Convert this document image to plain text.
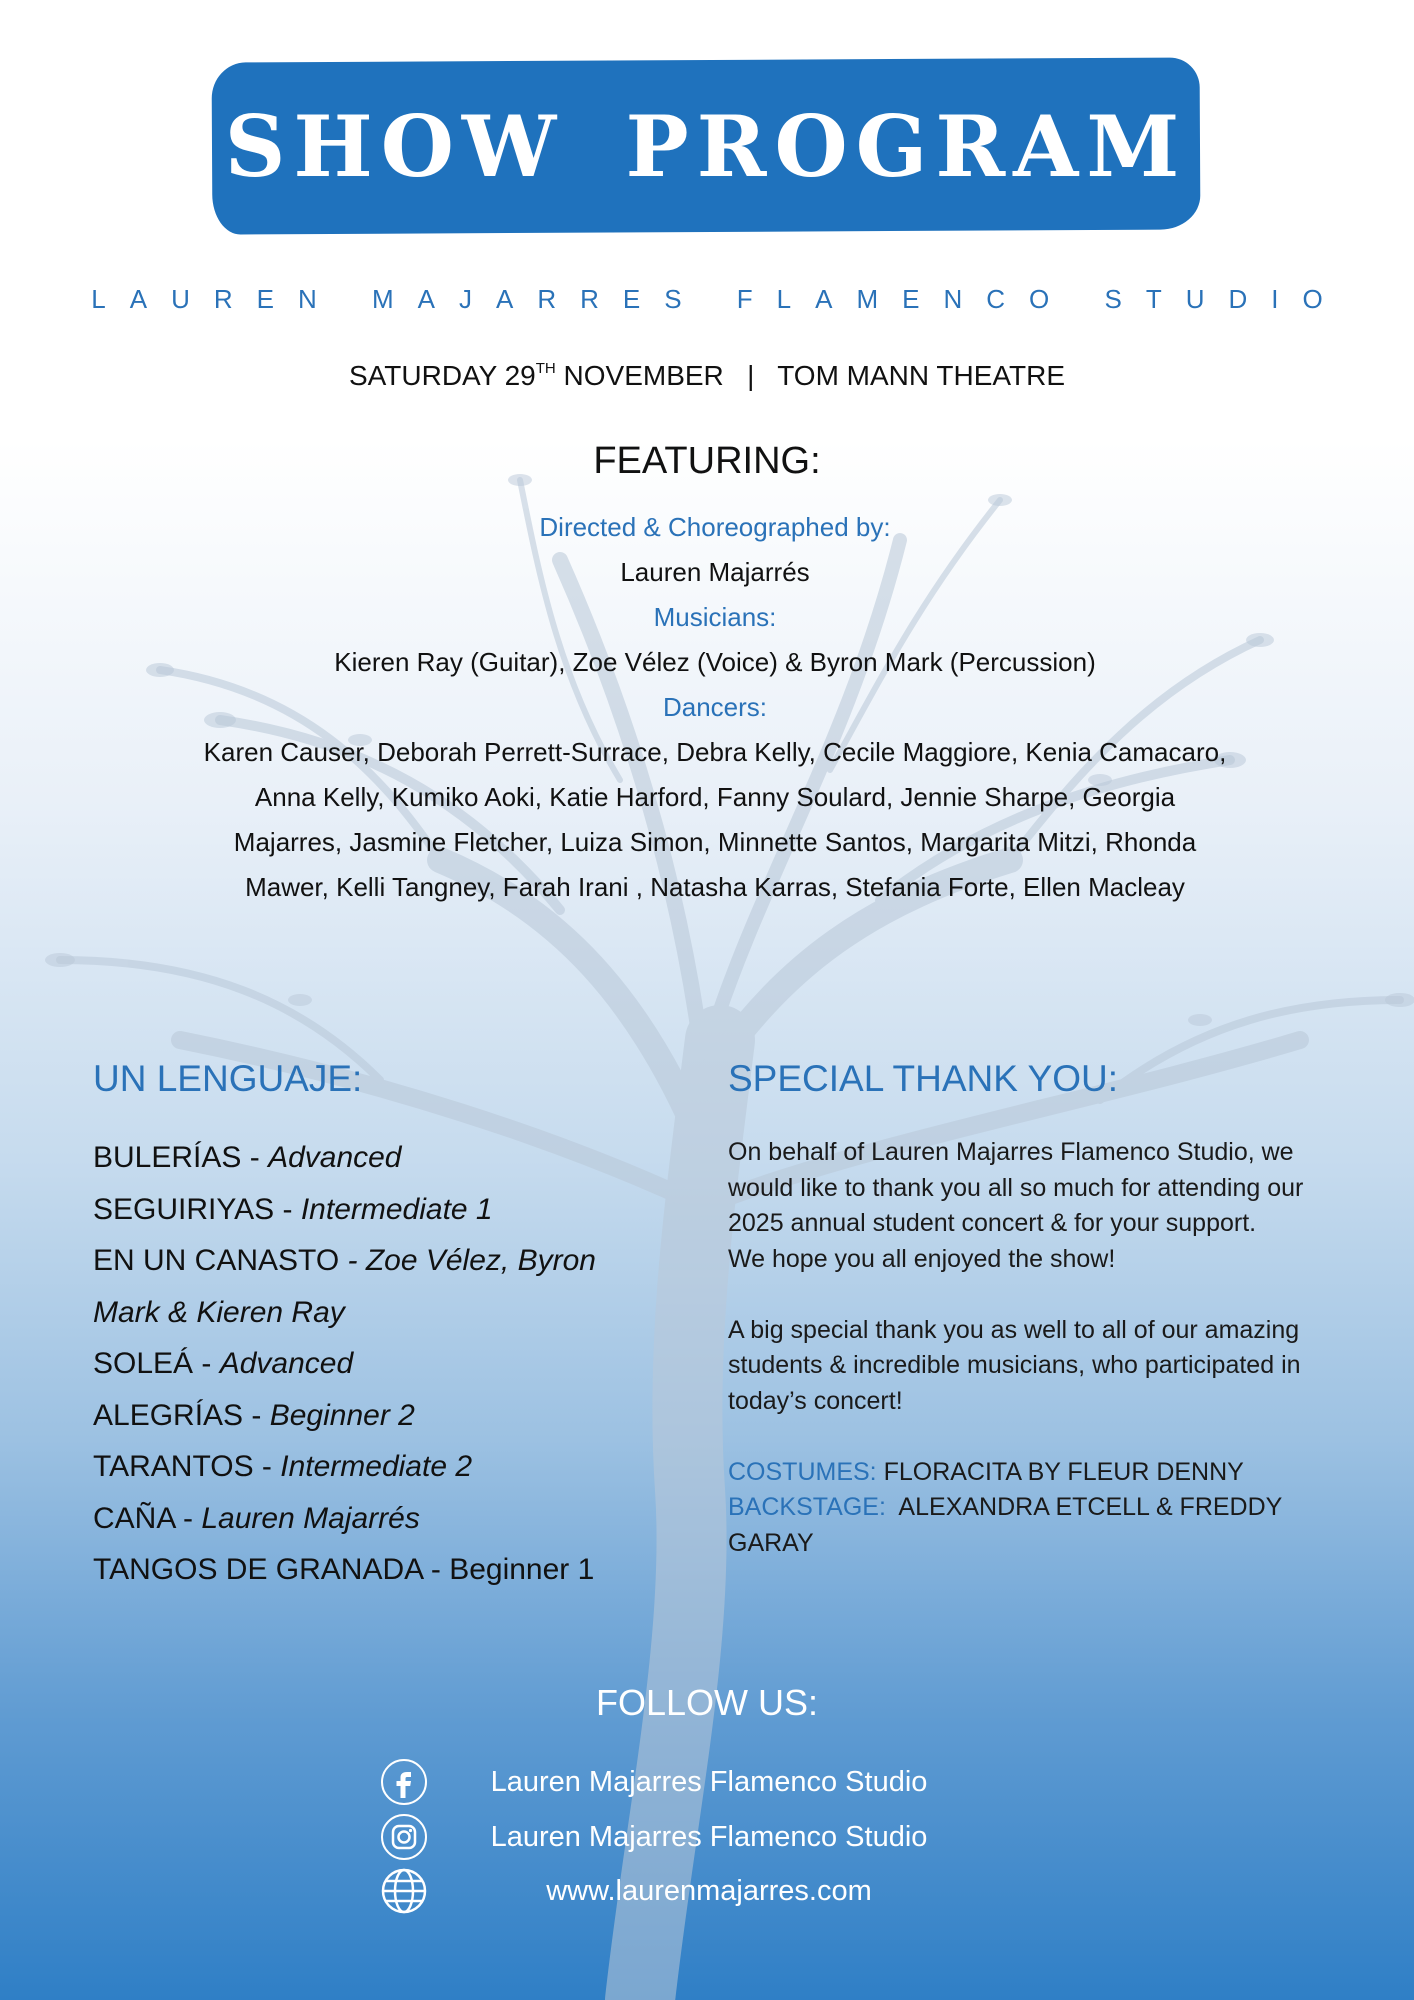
SHOW PROGRAM
LAUREN MAJARRES FLAMENCO STUDIO
SATURDAY 29TH NOVEMBER   |   TOM MANN THEATRE
FEATURING:
Directed & Choreographed by:
Lauren Majarrés
Musicians:
Kieren Ray (Guitar), Zoe Vélez (Voice) & Byron Mark (Percussion)
Dancers:
Karen Causer, Deborah Perrett-Surrace, Debra Kelly, Cecile Maggiore, Kenia Camacaro, Anna Kelly, Kumiko Aoki, Katie Harford, Fanny Soulard, Jennie Sharpe, Georgia Majarres, Jasmine Fletcher, Luiza Simon, Minnette Santos, Margarita Mitzi, Rhonda Mawer, Kelli Tangney, Farah Irani , Natasha Karras, Stefania Forte, Ellen Macleay
UN LENGUAJE:	SPECIAL THANK YOU:
BULERÍAS - Advanced
SEGUIRIYAS - Intermediate 1
EN UN CANASTO - Zoe Vélez, Byron Mark & Kieren Ray
SOLEÁ - Advanced
ALEGRÍAS - Beginner 2
TARANTOS - Intermediate 2
CAÑA - Lauren Majarrés
TANGOS DE GRANADA - Beginner 1

On behalf of Lauren Majarres Flamenco Studio, we would like to thank you all so much for attending our 2025 annual student concert & for your support.

We hope you all enjoyed the show!

A big special thank you as well to all of our amazing students & incredible musicians, who participated in today’s concert!

COSTUMES: FLORACITA BY FLEUR DENNY

BACKSTAGE:  ALEXANDRA ETCELL & FREDDY GARAY

FOLLOW US:
Lauren Majarres Flamenco Studio
Lauren Majarres Flamenco Studio
www.laurenmajarres.com
